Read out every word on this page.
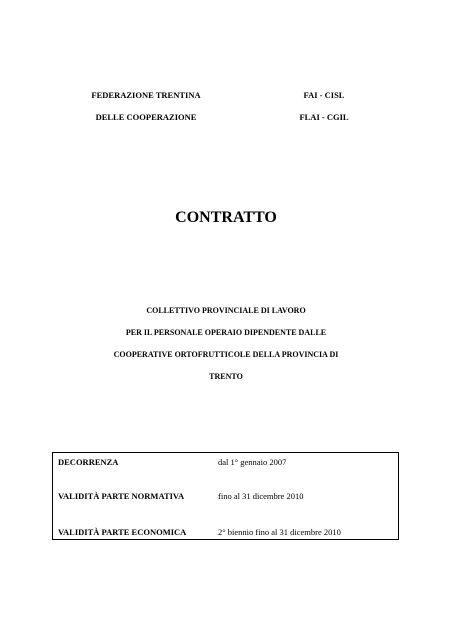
FEDERAZIONE TRENTINA
DELLE COOPERAZIONE
FAI - CISL
FLAI - CGIL
CONTRATTO
COLLETTIVO PROVINCIALE DI LAVORO
PER IL PERSONALE OPERAIO DIPENDENTE DALLE
COOPERATIVE ORTOFRUTTICOLE DELLA PROVINCIA DI
TRENTO
DECORRENZA	dal 1° gennaio 2007
VALIDITÀ PARTE NORMATIVA	fino al 31 dicembre 2010
VALIDITÀ PARTE ECONOMICA	2° biennio fino al 31 dicembre 2010
